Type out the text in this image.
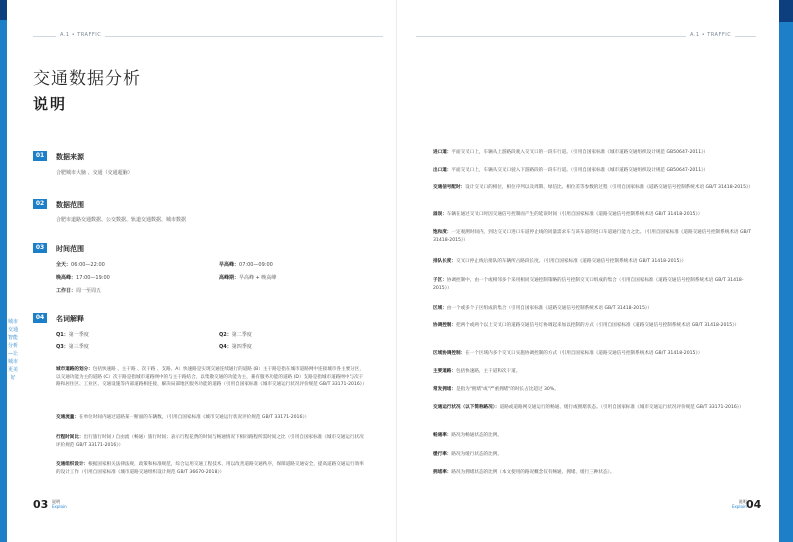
城市交通智能分析—让城市更美好	CREATE A BETTER CITY WITH AI
A.1 • TRAFFIC	A.1 • TRAFFIC
交通数据分析
说明
01	数据来源
合肥城市大脑 、交通（交通超脑）
02	数据范围
合肥市道路交通数据、公交数据、轨道交通数据、城市数据
03	时间范围
全天：06:00—22:00	早高峰：07:00—09:00
晚高峰：17:00—19:00	高峰期：早高峰 + 晚高峰
工作日：周一至周五
04	名词解释
Q1：第一季度	Q2：第二季度
Q3：第三季度	Q4：第四季度
城市道路的划分：包括快速路 、主干路 、次干路 、支路。A）快速路是实现交通连续通行的道路 (B）主干路是指在城市道路网中连接城市各主要分区，以交通功能为主的道路 (C）次干路是指城市道路网中的与主干路结合，以集散交通的功能为主，兼有服务功能的道路 (D）支路是指城市道路网中与次干路和居住区、工业区、交通设施等内部道路相连接，解决局部地区服务功能的道路（引用自国家标准《城市交通运行状况评价规范 GB/T 33171-2016》）
交通流量：在单位时间内通过道路某一断面的车辆数。（引用自国家标准《城市交通运行状况评价规范 GB/T 33171-2016》）
行程时间比：出行旅行时间 / 自由流（畅通）旅行时间；表示行程花费的时间与畅通情况下相同路程所需时间之比（引用自国家标准《城市交通运行状况评价规范 GB/T 33171-2016》）
交通组织设计：根据国家相关法律法规，政策和标准规范，综合运用交通工程技术，用以改善道路交通秩序，保障道路交通安全，提高道路交通运行效率的设计工作（引用自国家标准《城市道路交通组织设计规范 GB/T 36670-2018》）
03 说明
Explain
进口道：平面交叉口上，车辆从上游路段驶入交叉口的一段车行道。（引用自国家标准《城市道路交通组织设计规范 GB50647-2011》）
出口道：平面交叉口上，车辆从交叉口驶入下游路段的一段车行道。（引用自国家标准《城市道路交通组织设计规范 GB50647-2011》）
交通信号配时：设计交叉口的相位，相位序列以及周期、绿信比、相位差等参数的过程（引用自国家标准《道路交通信号控制系统术语 GB/T 31418-2015》）
溢误：车辆在通过交叉口时因交通信号控制而产生的延误时间（引用自国家标准《道路交通信号控制系统术语 GB/T 31418-2015》）
饱和度：一定观测时间内，到达交叉口进口车道停止线的同量需求车与该车道的进口车道通行能力之比。（引用自国家标准《道路交通信号控制系统术语 GB/T 31418-2015》）
排队长度：交叉口停止线后排队的车辆所占路段长度。（引用自国家标准《道路交通信号控制系统术语 GB/T 31418-2015》）
子区：协调控制中，由一个或相邻多个采用相同交通控制策略的信号控制交叉口组成的集合（引用自国家标准《道路交通信号控制系统术语 GB/T 31418-2015》）
区域：由一个或多个子区组成的集合（引用自国家标准《道路交通信号控制系统术语 GB/T 31418-2015》）
协调控制：把两个或两个以上交叉口的道路交通信号灯协调起来加以控制的方式（引用自国家标准《道路交通信号控制系统术语 GB/T 31418-2015》）
区域协调控制：在一个区域内多个交叉口实施协调控制的方式（引用自国家标准《道路交通信号控制系统术语 GB/T 31418-2015》）
主要道路：包括快速路，主干道和次干道。
常发拥堵：是指为"拥堵"或"严重拥堵"的时长占比超过 30%。
交通运行状况（以下简称路况）：道路或道路网交通运行的畅通、缓行或拥堵状态。（引用自国家标准《城市交通运行状况评价规范 GB/T 33171-2016》）
畅通率：路况为畅通状态的比例。
缓行率：路况为缓行状态的比例。
拥堵率：路况为拥堵状态的比例（本文使用的路况概念仅有畅通、拥堵、缓行三种状态）。
说明
Explain 04
